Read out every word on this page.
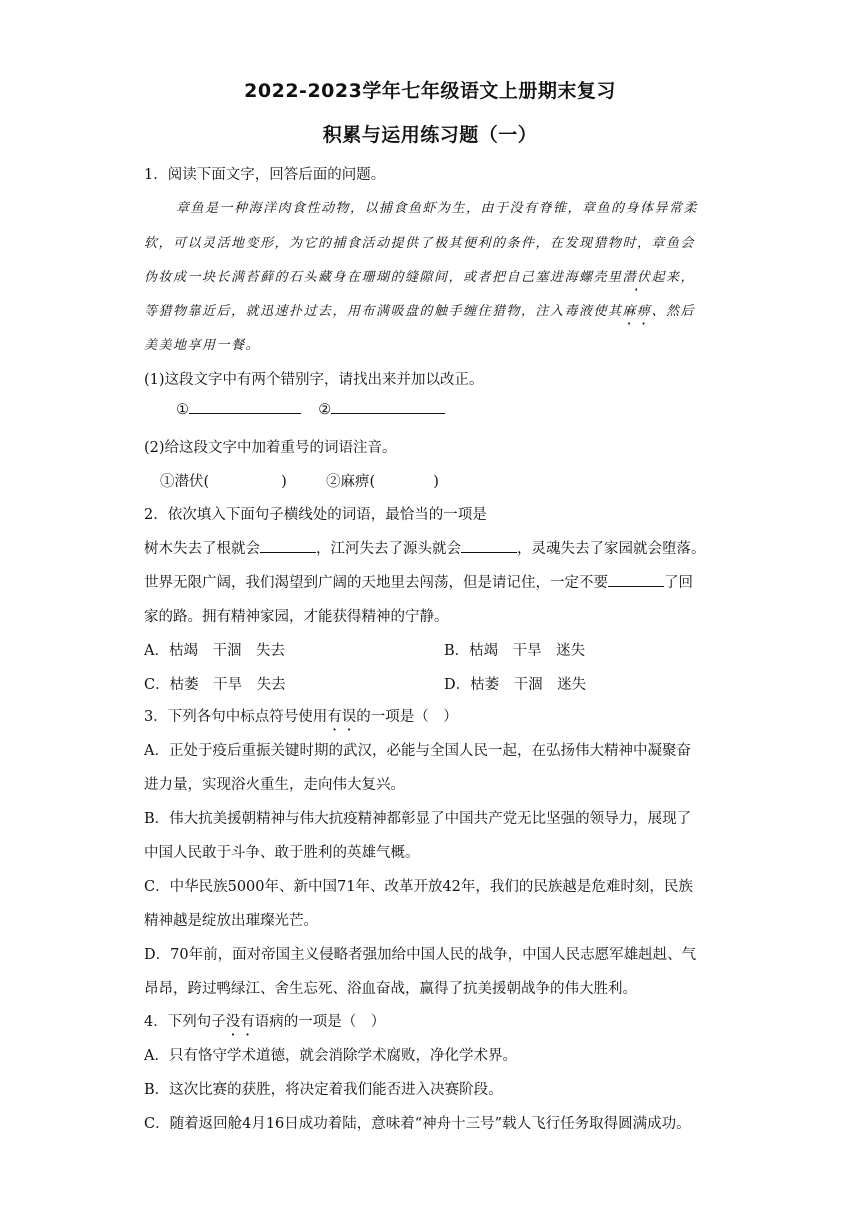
2022-2023学年七年级语文上册期末复习
积累与运用练习题（一）
1．阅读下面文字，回答后面的问题。
章鱼是一种海洋肉食性动物，以捕食鱼虾为生，由于没有脊锥，章鱼的身体异常柔
软，可以灵活地变形，为它的捕食活动提供了极其便利的条件，在发现猎物时，章鱼会
伪妆成一块长满苔藓的石头藏身在珊瑚的缝隙间，或者把自己塞进海螺壳里潜伏起来，
等猎物靠近后，就迅速扑过去，用布满吸盘的触手缠住猎物，注入毒液使其麻痹、然后
美美地享用一餐。
(1)这段文字中有两个错别字，请找出来并加以改正。
①	②
(2)给这段文字中加着重号的词语注音。
①潜伏(	)	②麻痹(	)
2．依次填入下面句子横线处的词语，最恰当的一项是
树木失去了根就会	，江河失去了源头就会	，灵魂失去了家园就会堕落。
世界无限广阔，我们渴望到广阔的天地里去闯荡，但是请记住，一定不要	了回
家的路。拥有精神家园，才能获得精神的宁静。
A．枯竭　干涸　失去	B．枯竭　干旱　迷失
C．枯萎　干旱　失去	D．枯萎　干涸　迷失
3．下列各句中标点符号使用有误的一项是（　）
A．正处于疫后重振关键时期的武汉，必能与全国人民一起，在弘扬伟大精神中凝聚奋
进力量，实现浴火重生，走向伟大复兴。
B．伟大抗美援朝精神与伟大抗疫精神都彰显了中国共产党无比坚强的领导力，展现了
中国人民敢于斗争、敢于胜利的英雄气概。
C．中华民族5000年、新中国71年、改革开放42年，我们的民族越是危难时刻，民族
精神越是绽放出璀璨光芒。
D．70年前，面对帝国主义侵略者强加给中国人民的战争，中国人民志愿军雄赳赳、气
昂昂，跨过鸭绿江、舍生忘死、浴血奋战，赢得了抗美援朝战争的伟大胜利。
4．下列句子没有语病的一项是（　）
A．只有恪守学术道德，就会消除学术腐败，净化学术界。
B．这次比赛的获胜，将决定着我们能否进入决赛阶段。
C．随着返回舱4月16日成功着陆，意味着“神舟十三号”载人飞行任务取得圆满成功。
